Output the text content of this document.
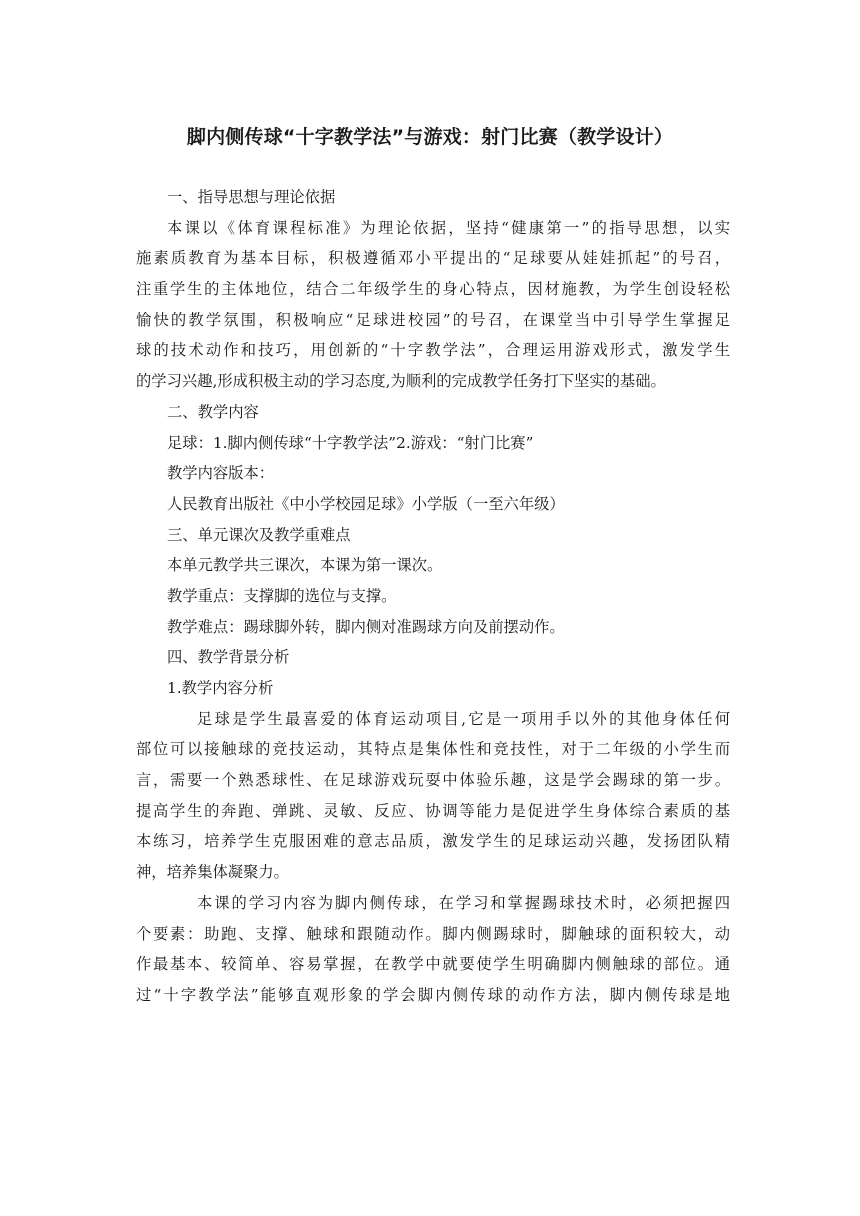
脚内侧传球“十字教学法”与游戏：射门比赛（教学设计）
一、指导思想与理论依据
本课以《体育课程标准》为理论依据，坚持“健康第一”的指导思想，以实
施素质教育为基本目标，积极遵循邓小平提出的“足球要从娃娃抓起”的号召，
注重学生的主体地位，结合二年级学生的身心特点，因材施教，为学生创设轻松
愉快的教学氛围，积极响应“足球进校园”的号召，在课堂当中引导学生掌握足
球的技术动作和技巧，用创新的“十字教学法”，合理运用游戏形式，激发学生
的学习兴趣,形成积极主动的学习态度,为顺利的完成教学任务打下坚实的基础。
二、教学内容
足球：1.脚内侧传球“十字教学法”2.游戏：“射门比赛”
教学内容版本：
人民教育出版社《中小学校园足球》小学版（一至六年级）
三、单元课次及教学重难点
本单元教学共三课次，本课为第一课次。
教学重点：支撑脚的选位与支撑。
教学难点：踢球脚外转，脚内侧对准踢球方向及前摆动作。
四、教学背景分析
1.教学内容分析
足球是学生最喜爱的体育运动项目,它是一项用手以外的其他身体任何
部位可以接触球的竞技运动，其特点是集体性和竞技性，对于二年级的小学生而
言，需要一个熟悉球性、在足球游戏玩耍中体验乐趣，这是学会踢球的第一步。
提高学生的奔跑、弹跳、灵敏、反应、协调等能力是促进学生身体综合素质的基
本练习，培养学生克服困难的意志品质，激发学生的足球运动兴趣，发扬团队精
神，培养集体凝聚力。
本课的学习内容为脚内侧传球，在学习和掌握踢球技术时，必须把握四
个要素：助跑、支撑、触球和跟随动作。脚内侧踢球时，脚触球的面积较大，动
作最基本、较简单、容易掌握，在教学中就要使学生明确脚内侧触球的部位。通
过“十字教学法”能够直观形象的学会脚内侧传球的动作方法，脚内侧传球是地
